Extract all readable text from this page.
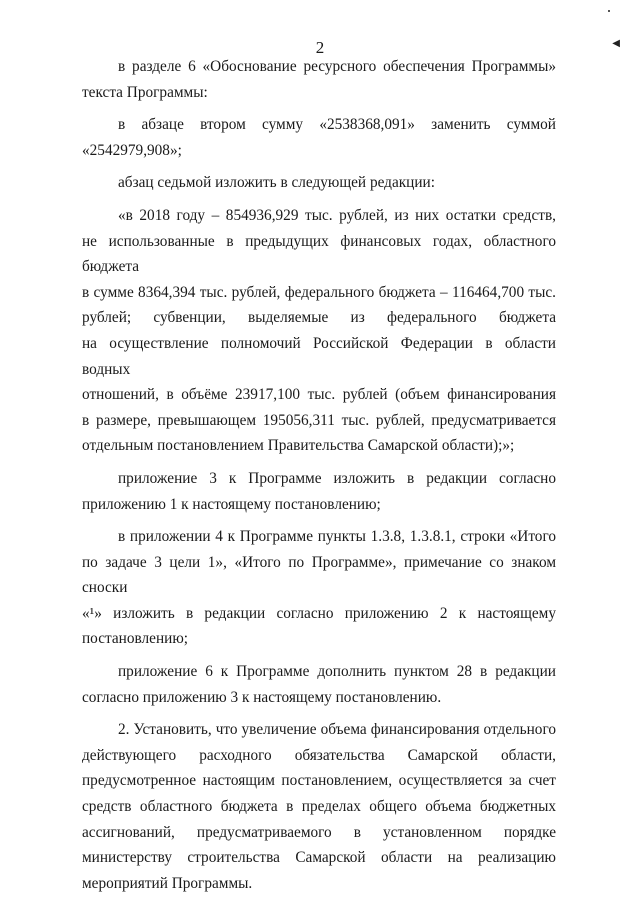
◀
2
в разделе 6 «Обоснование ресурсного обеспечения Программы»
текста Программы:
в абзаце втором сумму «2538368,091» заменить суммой
«2542979,908»;
абзац седьмой изложить в следующей редакции:
«в 2018 году – 854936,929 тыс. рублей, из них остатки средств,
не использованные в предыдущих финансовых годах, областного бюджета
в сумме 8364,394 тыс. рублей, федерального бюджета – 116464,700 тыс.
рублей; субвенции, выделяемые из федерального бюджета
на осуществление полномочий Российской Федерации в области водных
отношений, в объёме 23917,100 тыс. рублей (объем финансирования
в размере, превышающем 195056,311 тыс. рублей, предусматривается
отдельным постановлением Правительства Самарской области);»;
приложение 3 к Программе изложить в редакции согласно
приложению 1 к настоящему постановлению;
в приложении 4 к Программе пункты 1.3.8, 1.3.8.1, строки «Итого
по задаче 3 цели 1», «Итого по Программе», примечание со знаком сноски
«¹» изложить в редакции согласно приложению 2 к настоящему
постановлению;
приложение 6 к Программе дополнить пунктом 28 в редакции
согласно приложению 3 к настоящему постановлению.
2. Установить, что увеличение объема финансирования отдельного
действующего расходного обязательства Самарской области,
предусмотренное настоящим постановлением, осуществляется за счет
средств областного бюджета в пределах общего объема бюджетных
ассигнований, предусматриваемого в установленном порядке
министерству строительства Самарской области на реализацию
мероприятий Программы.
